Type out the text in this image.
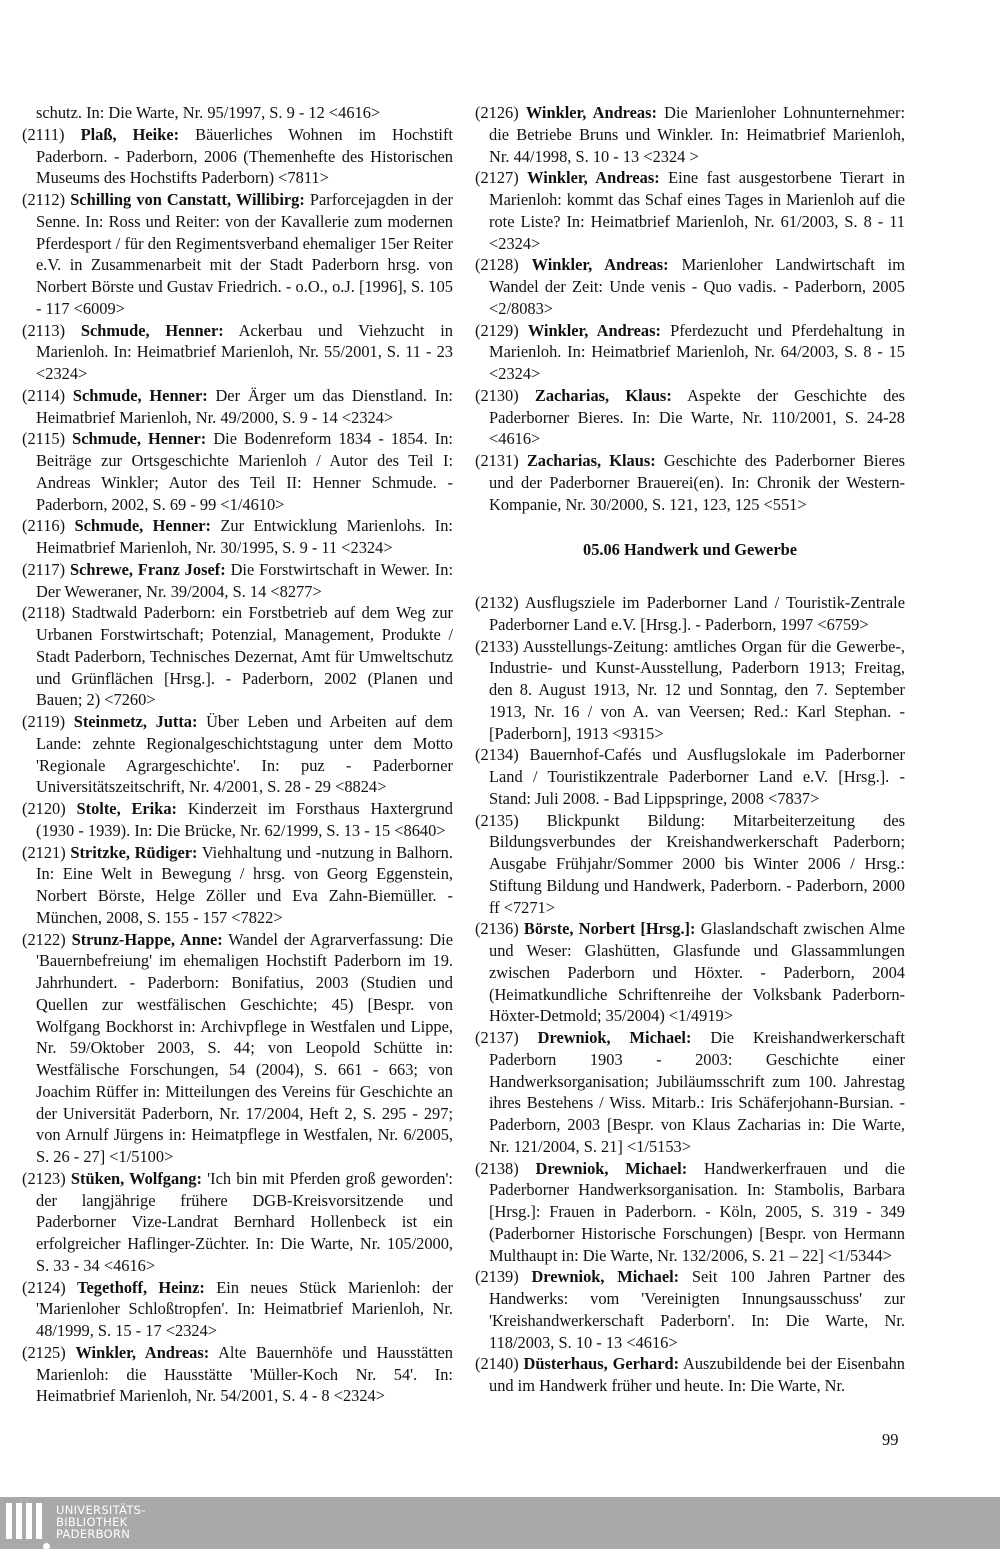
schutz. In: Die Warte, Nr. 95/1997, S. 9 - 12 <4616>

(2111) Plaß, Heike: Bäuerliches Wohnen im Hochstift Paderborn. - Paderborn, 2006 (Themenhefte des Historischen Museums des Hochstifts Paderborn) <7811>

(2112) Schilling von Canstatt, Willibirg: Parforcejagden in der Senne. In: Ross und Reiter: von der Kavallerie zum modernen Pferdesport / für den Regimentsverband ehemaliger 15er Reiter e.V. in Zusammenarbeit mit der Stadt Paderborn hrsg. von Norbert Börste und Gustav Friedrich. - o.O., o.J. [1996], S. 105 - 117 <6009>

(2113) Schmude, Henner: Ackerbau und Viehzucht in Marienloh. In: Heimatbrief Marienloh, Nr. 55/2001, S. 11 - 23 <2324>

(2114) Schmude, Henner: Der Ärger um das Dienstland. In: Heimatbrief Marienloh, Nr. 49/2000, S. 9 - 14 <2324>

(2115) Schmude, Henner: Die Bodenreform 1834 - 1854. In: Beiträge zur Ortsgeschichte Marienloh / Autor des Teil I: Andreas Winkler; Autor des Teil II: Henner Schmude. - Paderborn, 2002, S. 69 - 99 <1/4610>

(2116) Schmude, Henner: Zur Entwicklung Marienlohs. In: Heimatbrief Marienloh, Nr. 30/1995, S. 9 - 11 <2324>

(2117) Schrewe, Franz Josef: Die Forstwirtschaft in Wewer. In: Der Weweraner, Nr. 39/2004, S. 14 <8277>

(2118) Stadtwald Paderborn: ein Forstbetrieb auf dem Weg zur Urbanen Forstwirtschaft; Potenzial, Management, Produkte / Stadt Paderborn, Technisches Dezernat, Amt für Umweltschutz und Grünflächen [Hrsg.]. - Paderborn, 2002 (Planen und Bauen; 2) <7260>

(2119) Steinmetz, Jutta: Über Leben und Arbeiten auf dem Lande: zehnte Regionalgeschichtstagung unter dem Motto 'Regionale Agrargeschichte'. In: puz - Paderborner Universitätszeitschrift, Nr. 4/2001, S. 28 - 29 <8824>

(2120) Stolte, Erika: Kinderzeit im Forsthaus Haxtergrund (1930 - 1939). In: Die Brücke, Nr. 62/1999, S. 13 - 15 <8640>

(2121) Stritzke, Rüdiger: Viehhaltung und -nutzung in Balhorn. In: Eine Welt in Bewegung / hrsg. von Georg Eggenstein, Norbert Börste, Helge Zöller und Eva Zahn-Biemüller. - München, 2008, S. 155 - 157 <7822>

(2122) Strunz-Happe, Anne: Wandel der Agrarverfassung: Die 'Bauernbefreiung' im ehemaligen Hochstift Paderborn im 19. Jahrhundert. - Paderborn: Bonifatius, 2003 (Studien und Quellen zur westfälischen Geschichte; 45) [Bespr. von Wolfgang Bockhorst in: Archivpflege in Westfalen und Lippe, Nr. 59/Oktober 2003, S. 44; von Leopold Schütte in: Westfälische Forschungen, 54 (2004), S. 661 - 663; von Joachim Rüffer in: Mitteilungen des Vereins für Geschichte an der Universität Paderborn, Nr. 17/2004, Heft 2, S. 295 - 297; von Arnulf Jürgens in: Heimatpflege in Westfalen, Nr. 6/2005, S. 26 - 27] <1/5100>

(2123) Stüken, Wolfgang: 'Ich bin mit Pferden groß geworden': der langjährige frühere DGB-Kreisvorsitzende und Paderborner Vize-Landrat Bernhard Hollenbeck ist ein erfolgreicher Haflinger-Züchter. In: Die Warte, Nr. 105/2000, S. 33 - 34 <4616>

(2124) Tegethoff, Heinz: Ein neues Stück Marienloh: der 'Marienloher Schloßtropfen'. In: Heimatbrief Marienloh, Nr. 48/1999, S. 15 - 17 <2324>

(2125) Winkler, Andreas: Alte Bauernhöfe und Hausstätten Marienloh: die Hausstätte 'Müller-Koch Nr. 54'. In: Heimatbrief Marienloh, Nr. 54/2001, S. 4 - 8 <2324>

(2126) Winkler, Andreas: Die Marienloher Lohnunternehmer: die Betriebe Bruns und Winkler. In: Heimatbrief Marienloh, Nr. 44/1998, S. 10 - 13 <2324 >

(2127) Winkler, Andreas: Eine fast ausgestorbene Tierart in Marienloh: kommt das Schaf eines Tages in Marienloh auf die rote Liste? In: Heimatbrief Marienloh, Nr. 61/2003, S. 8 - 11 <2324>

(2128) Winkler, Andreas: Marienloher Landwirtschaft im Wandel der Zeit: Unde venis - Quo vadis. - Paderborn, 2005 <2/8083>

(2129) Winkler, Andreas: Pferdezucht und Pferdehaltung in Marienloh. In: Heimatbrief Marienloh, Nr. 64/2003, S. 8 - 15 <2324>

(2130) Zacharias, Klaus: Aspekte der Geschichte des Paderborner Bieres. In: Die Warte, Nr. 110/2001, S. 24-28 <4616>

(2131) Zacharias, Klaus: Geschichte des Paderborner Bieres und der Paderborner Brauerei(en). In: Chronik der Western-Kompanie, Nr. 30/2000, S. 121, 123, 125 <551>

05.06 Handwerk und Gewerbe

(2132) Ausflugsziele im Paderborner Land / Touristik-Zentrale Paderborner Land e.V. [Hrsg.]. - Paderborn, 1997 <6759>

(2133) Ausstellungs-Zeitung: amtliches Organ für die Gewerbe-, Industrie- und Kunst-Ausstellung, Paderborn 1913; Freitag, den 8. August 1913, Nr. 12 und Sonntag, den 7. September 1913, Nr. 16 / von A. van Veersen; Red.: Karl Stephan. - [Paderborn], 1913 <9315>

(2134) Bauernhof-Cafés und Ausflugslokale im Paderborner Land / Touristikzentrale Paderborner Land e.V. [Hrsg.]. - Stand: Juli 2008. - Bad Lippspringe, 2008 <7837>

(2135) Blickpunkt Bildung: Mitarbeiterzeitung des Bildungsverbundes der Kreishandwerkerschaft Paderborn; Ausgabe Frühjahr/Sommer 2000 bis Winter 2006 / Hrsg.: Stiftung Bildung und Handwerk, Paderborn. - Paderborn, 2000 ff <7271>

(2136) Börste, Norbert [Hrsg.]: Glaslandschaft zwischen Alme und Weser: Glashütten, Glasfunde und Glassammlungen zwischen Paderborn und Höxter. - Paderborn, 2004 (Heimatkundliche Schriftenreihe der Volksbank Paderborn-Höxter-Detmold; 35/2004) <1/4919>

(2137) Drewniok, Michael: Die Kreishandwerkerschaft Paderborn 1903 - 2003: Geschichte einer Handwerksorganisation; Jubiläumsschrift zum 100. Jahrestag ihres Bestehens / Wiss. Mitarb.: Iris Schäferjohann-Bursian. - Paderborn, 2003 [Bespr. von Klaus Zacharias in: Die Warte, Nr. 121/2004, S. 21] <1/5153>

(2138) Drewniok, Michael: Handwerkerfrauen und die Paderborner Handwerksorganisation. In: Stambolis, Barbara [Hrsg.]: Frauen in Paderborn. - Köln, 2005, S. 319 - 349 (Paderborner Historische Forschungen) [Bespr. von Hermann Multhaupt in: Die Warte, Nr. 132/2006, S. 21 – 22] <1/5344>

(2139) Drewniok, Michael: Seit 100 Jahren Partner des Handwerks: vom 'Vereinigten Innungsausschuss' zur 'Kreishandwerkerschaft Paderborn'. In: Die Warte, Nr. 118/2003, S. 10 - 13 <4616>

(2140) Düsterhaus, Gerhard: Auszubildende bei der Eisenbahn und im Handwerk früher und heute. In: Die Warte, Nr.

99
UNIVERSITÄTS-
BIBLIOTHEK
PADERBORN
